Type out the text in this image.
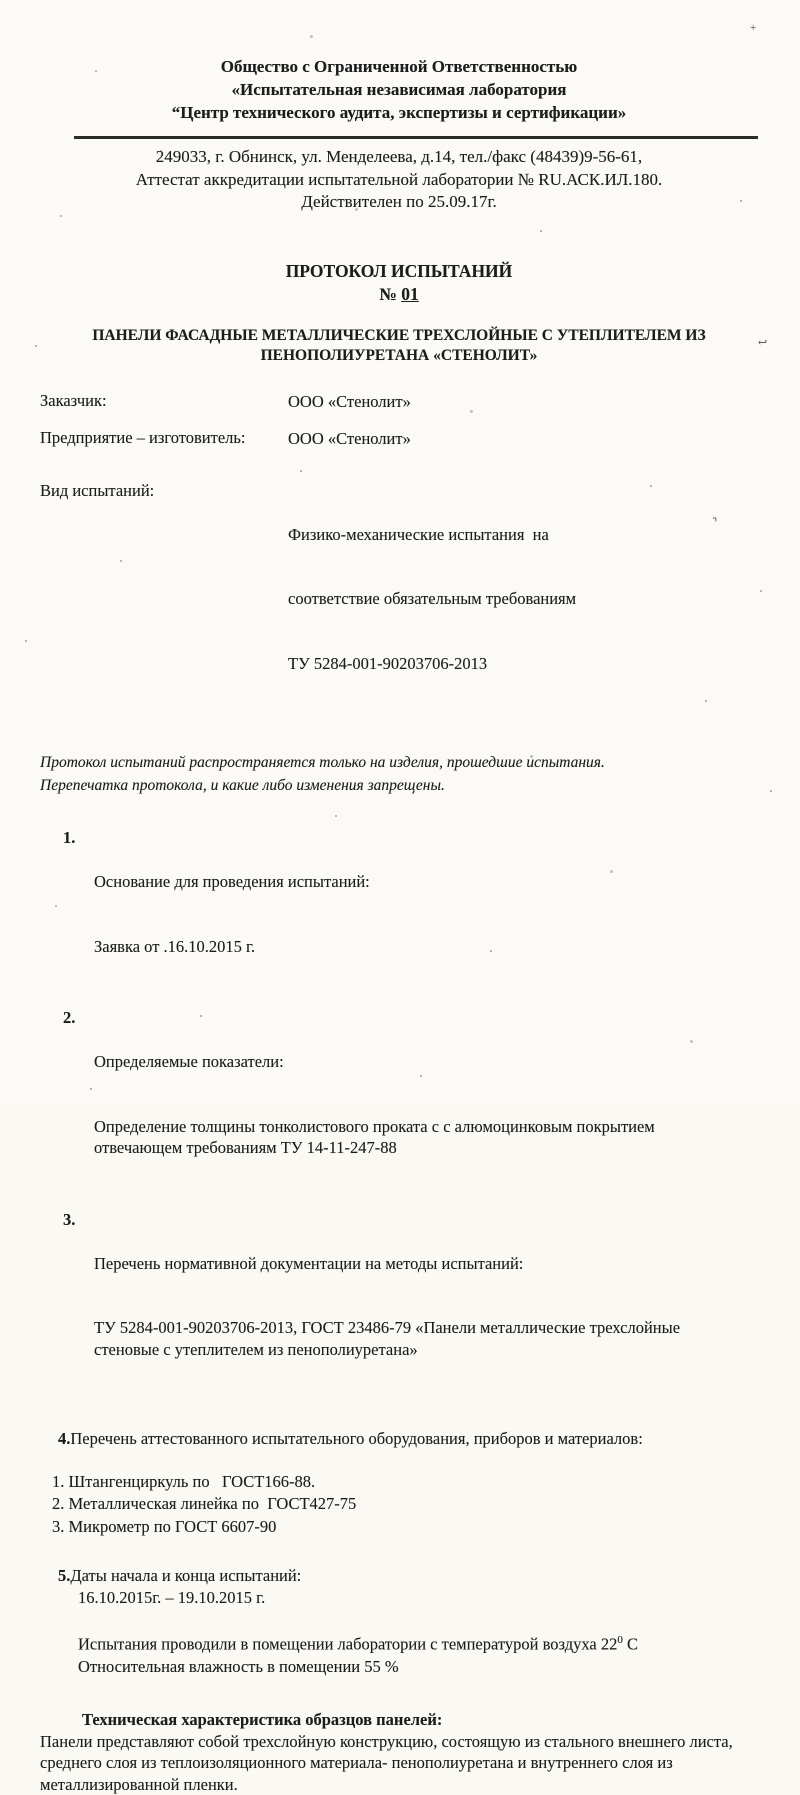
Общество с Ограниченной Ответственностью
«Испытательная независимая лаборатория
“Центр технического аудита, экспертизы и сертификации»
249033, г. Обнинск, ул. Менделеева, д.14, тел./факс (48439)9-56-61,
Аттестат аккредитации испытательной лаборатории № RU.АСК.ИЛ.180.
Действителен по 25.09.17г.
ПРОТОКОЛ ИСПЫТАНИЙ
№ 01
ПАНЕЛИ ФАСАДНЫЕ МЕТАЛЛИЧЕСКИЕ ТРЕХСЛОЙНЫЕ С УТЕПЛИТЕЛЕМ ИЗ ПЕНОПОЛИУРЕТАНА «СТЕНОЛИТ»
Заказчик:	ООО «Стенолит»
Предприятие – изготовитель:	ООО «Стенолит»
Вид испытаний:

Физико-механические испытания  на

соответствие обязательным требованиям

ТУ 5284-001-90203706-2013

Протокол испытаний распространяется только на изделия, прошедшие испытания.
Перепечатка протокола, и какие либо изменения запрещены.
1.

Основание для проведения испытаний:

Заявка от .16.10.2015 г.

2.

Определяемые показатели:

Определение толщины тонколистового проката с с алюмоцинковым покрытием отвечающем требованиям ТУ 14-11-247-88

3.

Перечень нормативной документации на методы испытаний:

ТУ 5284-001-90203706-2013, ГОСТ 23486-79 «Панели металлические трехслойные стеновые с утеплителем из пенополиуретана»

4.Перечень аттестованного испытательного оборудования, приборов и материалов:
1. Штангенциркуль по   ГОСТ166-88.
2. Металлическая линейка по  ГОСТ427-75
3. Микрометр по ГОСТ 6607-90
5.Даты начала и конца испытаний:
16.10.2015г. – 19.10.2015 г.
Испытания проводили в помещении лаборатории с температурой воздуха $22^0$ С
Относительная влажность в помещении 55 %
Техническая характеристика образцов панелей:
Панели представляют собой трехслойную конструкцию, состоящую из стального внешнего листа, среднего слоя из теплоизоляционного материала- пенополиуретана и внутреннего слоя из металлизированной пленки.
+
↩
⌝
